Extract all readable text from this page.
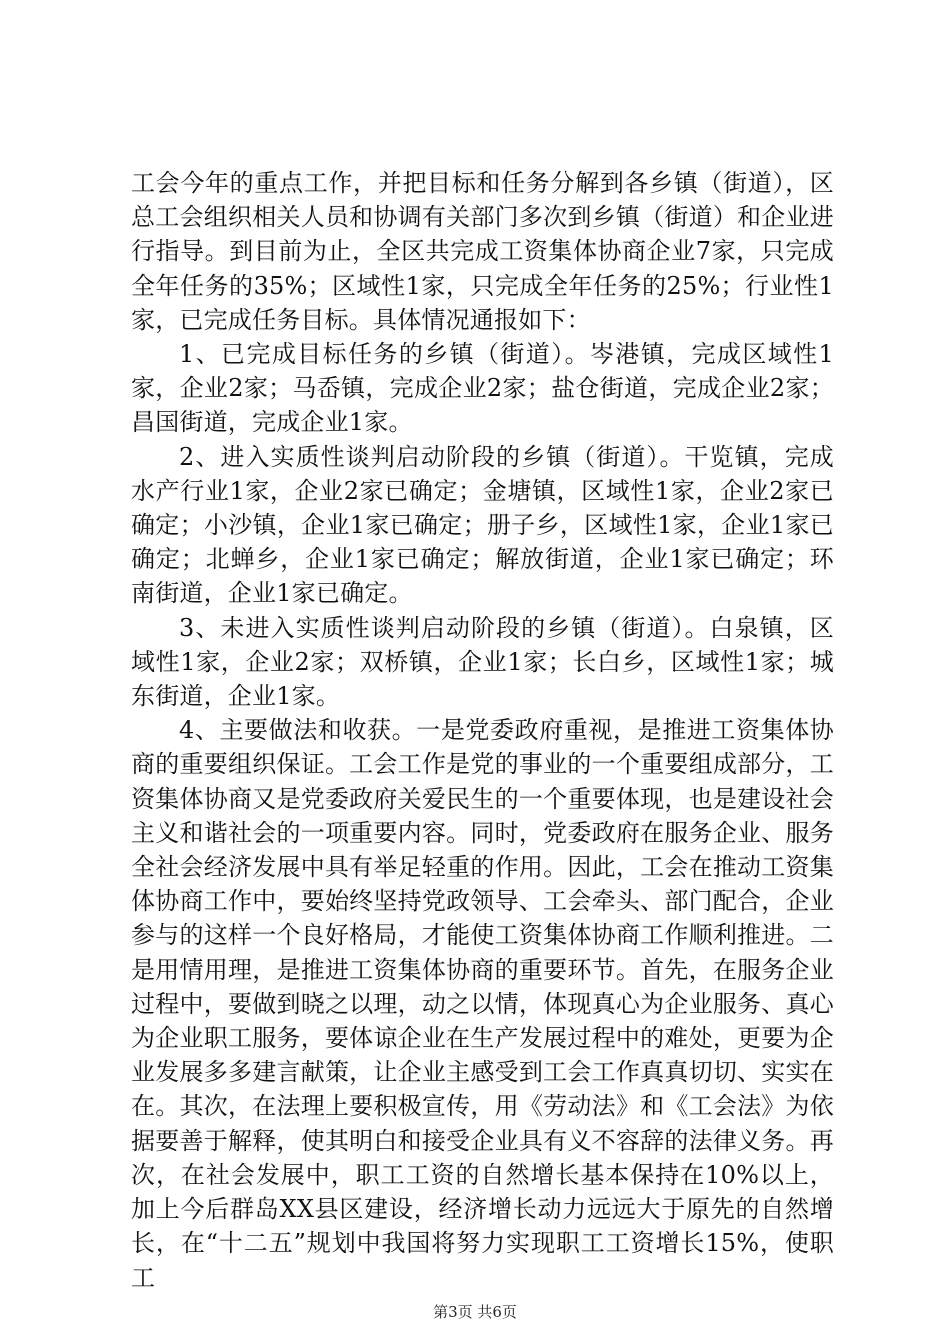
工会今年的重点工作，并把目标和任务分解到各乡镇（街道），区总工会组织相关人员和协调有关部门多次到乡镇（街道）和企业进行指导。到目前为止，全区共完成工资集体协商企业7家，只完成全年任务的35%；区域性1家，只完成全年任务的25%；行业性1家，已完成任务目标。具体情况通报如下：

1、已完成目标任务的乡镇（街道）。岑港镇，完成区域性1家，企业2家；马岙镇，完成企业2家；盐仓街道，完成企业2家；昌国街道，完成企业1家。

2、进入实质性谈判启动阶段的乡镇（街道）。干览镇，完成水产行业1家，企业2家已确定；金塘镇，区域性1家，企业2家已确定；小沙镇，企业1家已确定；册子乡，区域性1家，企业1家已确定；北蝉乡，企业1家已确定；解放街道，企业1家已确定；环南街道，企业1家已确定。

3、未进入实质性谈判启动阶段的乡镇（街道）。白泉镇，区域性1家，企业2家；双桥镇，企业1家；长白乡，区域性1家；城东街道，企业1家。

4、主要做法和收获。一是党委政府重视，是推进工资集体协商的重要组织保证。工会工作是党的事业的一个重要组成部分，工资集体协商又是党委政府关爱民生的一个重要体现，也是建设社会主义和谐社会的一项重要内容。同时，党委政府在服务企业、服务全社会经济发展中具有举足轻重的作用。因此，工会在推动工资集体协商工作中，要始终坚持党政领导、工会牵头、部门配合，企业参与的这样一个良好格局，才能使工资集体协商工作顺利推进。二是用情用理，是推进工资集体协商的重要环节。首先，在服务企业过程中，要做到晓之以理，动之以情，体现真心为企业服务、真心为企业职工服务，要体谅企业在生产发展过程中的难处，更要为企业发展多多建言献策，让企业主感受到工会工作真真切切、实实在在。其次，在法理上要积极宣传，用《劳动法》和《工会法》为依据要善于解释，使其明白和接受企业具有义不容辞的法律义务。再次，在社会发展中，职工工资的自然增长基本保持在10%以上，加上今后群岛XX县区建设，经济增长动力远远大于原先的自然增长，在“十二五”规划中我国将努力实现职工工资增长15%，使职工

第3页 共6页
